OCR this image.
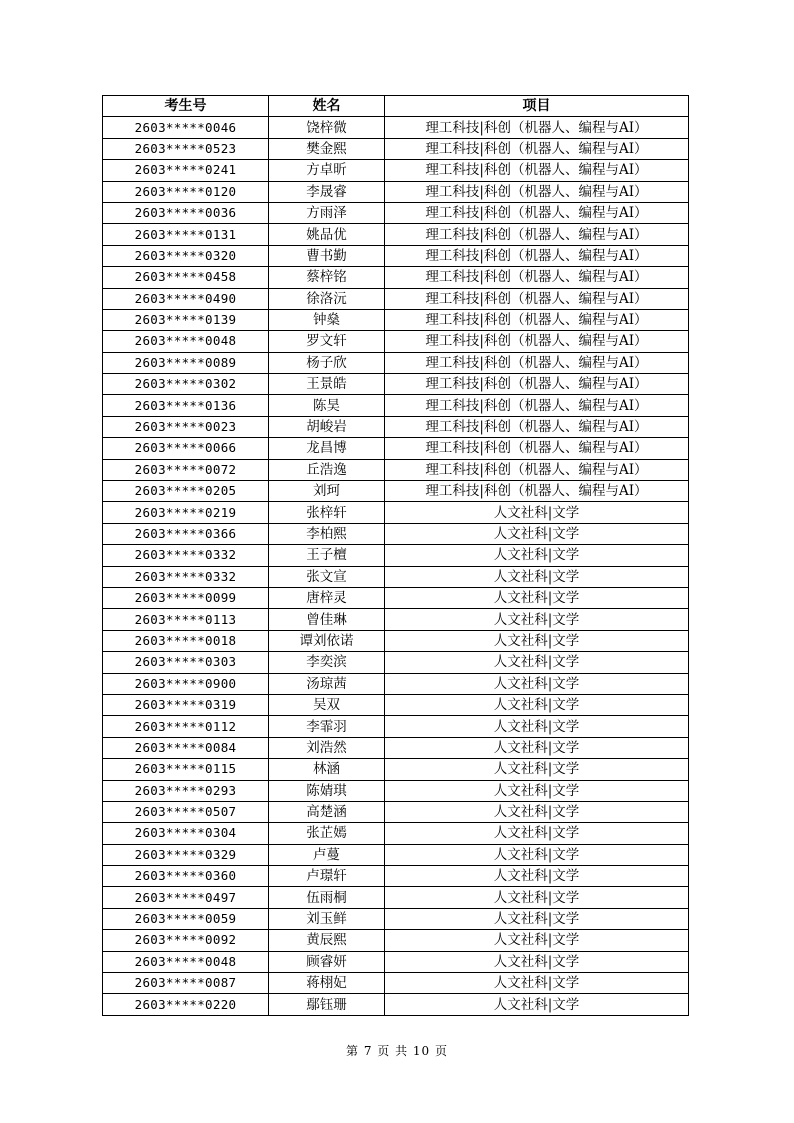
考生号	姓名	项目
2603*****0046	饶梓微	理工科技|科创（机器人、编程与AI）
2603*****0523	樊金熙	理工科技|科创（机器人、编程与AI）
2603*****0241	方卓昕	理工科技|科创（机器人、编程与AI）
2603*****0120	李晟睿	理工科技|科创（机器人、编程与AI）
2603*****0036	方雨泽	理工科技|科创（机器人、编程与AI）
2603*****0131	姚品优	理工科技|科创（机器人、编程与AI）
2603*****0320	曹书勤	理工科技|科创（机器人、编程与AI）
2603*****0458	蔡梓铭	理工科技|科创（机器人、编程与AI）
2603*****0490	徐洛沅	理工科技|科创（机器人、编程与AI）
2603*****0139	钟燊	理工科技|科创（机器人、编程与AI）
2603*****0048	罗文轩	理工科技|科创（机器人、编程与AI）
2603*****0089	杨子欣	理工科技|科创（机器人、编程与AI）
2603*****0302	王景皓	理工科技|科创（机器人、编程与AI）
2603*****0136	陈昊	理工科技|科创（机器人、编程与AI）
2603*****0023	胡峻岩	理工科技|科创（机器人、编程与AI）
2603*****0066	龙昌博	理工科技|科创（机器人、编程与AI）
2603*****0072	丘浩逸	理工科技|科创（机器人、编程与AI）
2603*****0205	刘珂	理工科技|科创（机器人、编程与AI）
2603*****0219	张梓轩	人文社科|文学
2603*****0366	李柏熙	人文社科|文学
2603*****0332	王子檀	人文社科|文学
2603*****0332	张文宣	人文社科|文学
2603*****0099	唐梓灵	人文社科|文学
2603*****0113	曾佳琳	人文社科|文学
2603*****0018	谭刘依诺	人文社科|文学
2603*****0303	李奕滨	人文社科|文学
2603*****0900	汤琼茜	人文社科|文学
2603*****0319	吴双	人文社科|文学
2603*****0112	李霏羽	人文社科|文学
2603*****0084	刘浩然	人文社科|文学
2603*****0115	林涵	人文社科|文学
2603*****0293	陈婧琪	人文社科|文学
2603*****0507	高楚涵	人文社科|文学
2603*****0304	张芷嫣	人文社科|文学
2603*****0329	卢蔓	人文社科|文学
2603*****0360	卢璟轩	人文社科|文学
2603*****0497	伍雨桐	人文社科|文学
2603*****0059	刘玉鲜	人文社科|文学
2603*****0092	黄辰熙	人文社科|文学
2603*****0048	顾睿妍	人文社科|文学
2603*****0087	蒋栩妃	人文社科|文学
2603*****0220	鄢钰珊	人文社科|文学
第 7 页 共 10 页
